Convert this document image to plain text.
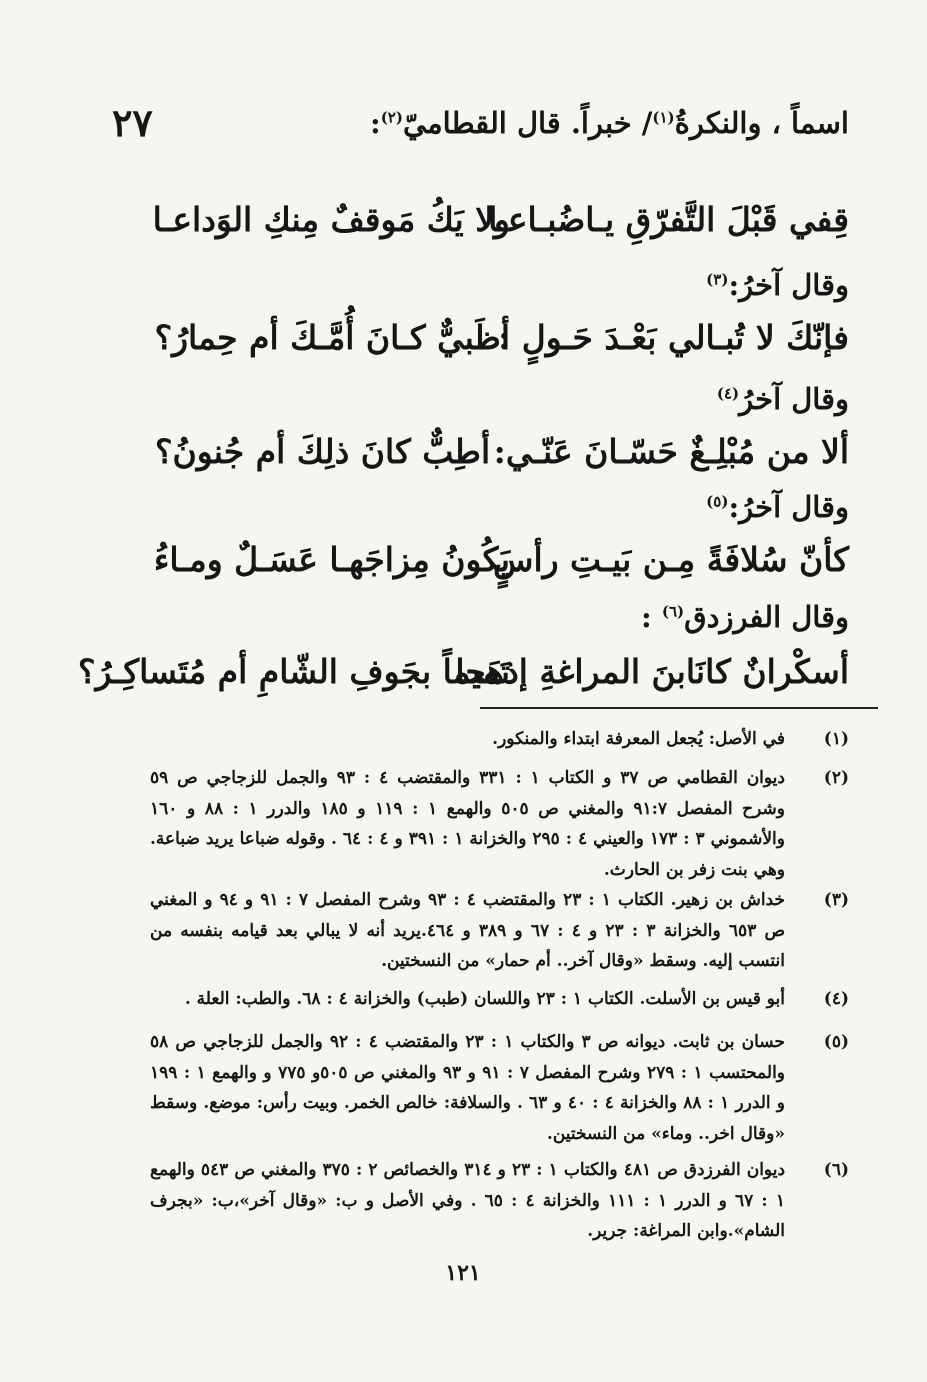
٢٧	اسماً ، والنكرةُ$^{(١)}$/ خبراً. قال القطاميّ$^{(٢)}$:
قِفي قَبْلَ التَّفرّقِ يـاضُبـاعـا
ولا يَكُ مَوقفٌ مِنكِ الوَداعـا
وقال آخرُ:$^{(٣)}$
فإنّكَ لا تُبـالي بَعْـدَ حَـولٍ :
أظَبيٌّ كـانَ أُمَّـكَ أم حِمارُ؟
وقال آخرُ$^{(٤)}$
ألا من مُبْلِـغٌ حَسّـانَ عَنّـي:
أطِبٌّ كانَ ذلِكَ أم جُنونُ؟
وقال آخرُ:$^{(٥)}$
كأنّ سُلافَةً مِـن بَيـتِ رأسٍ
يَكُونُ مِزاجَهـا عَسَـلٌ ومـاءُ
وقال الفرزدق$^{(٦)}$ :
أسكْرانٌ كانَابنَ المراغةِ إذهَجا
تَميماً بجَوفِ الشّامِ أم مُتَساكِـرُ؟
(١)
في الأصل: يُجعل المعرفة ابتداء والمنكور.
(٢)
ديوان القطامي ص ٣٧ و الكتاب ١ : ٣٣١ والمقتضب ٤ : ٩٣ والجمل للزجاجي ص ٥٩ وشرح المفصل ٩١:٧ والمغني ص ٥٠٥ والهمع ١ : ١١٩ و ١٨٥ والدرر ١ : ٨٨ و ١٦٠ والأشموني ٣ : ١٧٣ والعيني ٤ : ٢٩٥ والخزانة ١ : ٣٩١ و ٤ : ٦٤ . وقوله ضباعا يريد ضباعة. وهي بنت زفر بن الحارث.
(٣)
خداش بن زهير. الكتاب ١ : ٢٣ والمقتضب ٤ : ٩٣ وشرح المفصل ٧ : ٩١ و ٩٤ و المغني ص ٦٥٣ والخزانة ٣ : ٢٣ و ٤ : ٦٧ و ٣٨٩ و ٤٦٤.يريد أنه لا يبالي بعد قيامه بنفسه من انتسب إليه. وسقط «وقال آخر.. أم حمار» من النسختين.
(٤)
أبو قيس بن الأسلت. الكتاب ١ : ٢٣ واللسان (طبب) والخزانة ٤ : ٦٨. والطب: العلة .
(٥)
حسان بن ثابت. ديوانه ص ٣ والكتاب ١ : ٢٣ والمقتضب ٤ : ٩٢ والجمل للزجاجي ص ٥٨ والمحتسب ١ : ٢٧٩ وشرح المفصل ٧ : ٩١ و ٩٣ والمغني ص ٥٠٥و ٧٧٥ و والهمع ١ : ١٩٩ و الدرر ١ : ٨٨ والخزانة ٤ : ٤٠ و ٦٣ . والسلافة: خالص الخمر. وبيت رأس: موضع. وسقط «وقال اخر.. وماء» من النسختين.
(٦)
ديوان الفرزدق ص ٤٨١ والكتاب ١ : ٢٣ و ٣١٤ والخصائص ٢ : ٣٧٥ والمغني ص ٥٤٣ والهمع ١ : ٦٧ و الدرر ١ : ١١١ والخزانة ٤ : ٦٥ . وفي الأصل و ب: «وقال آخر»،ب: «بجرف الشام».وابن المراغة: جرير.
١٢١
